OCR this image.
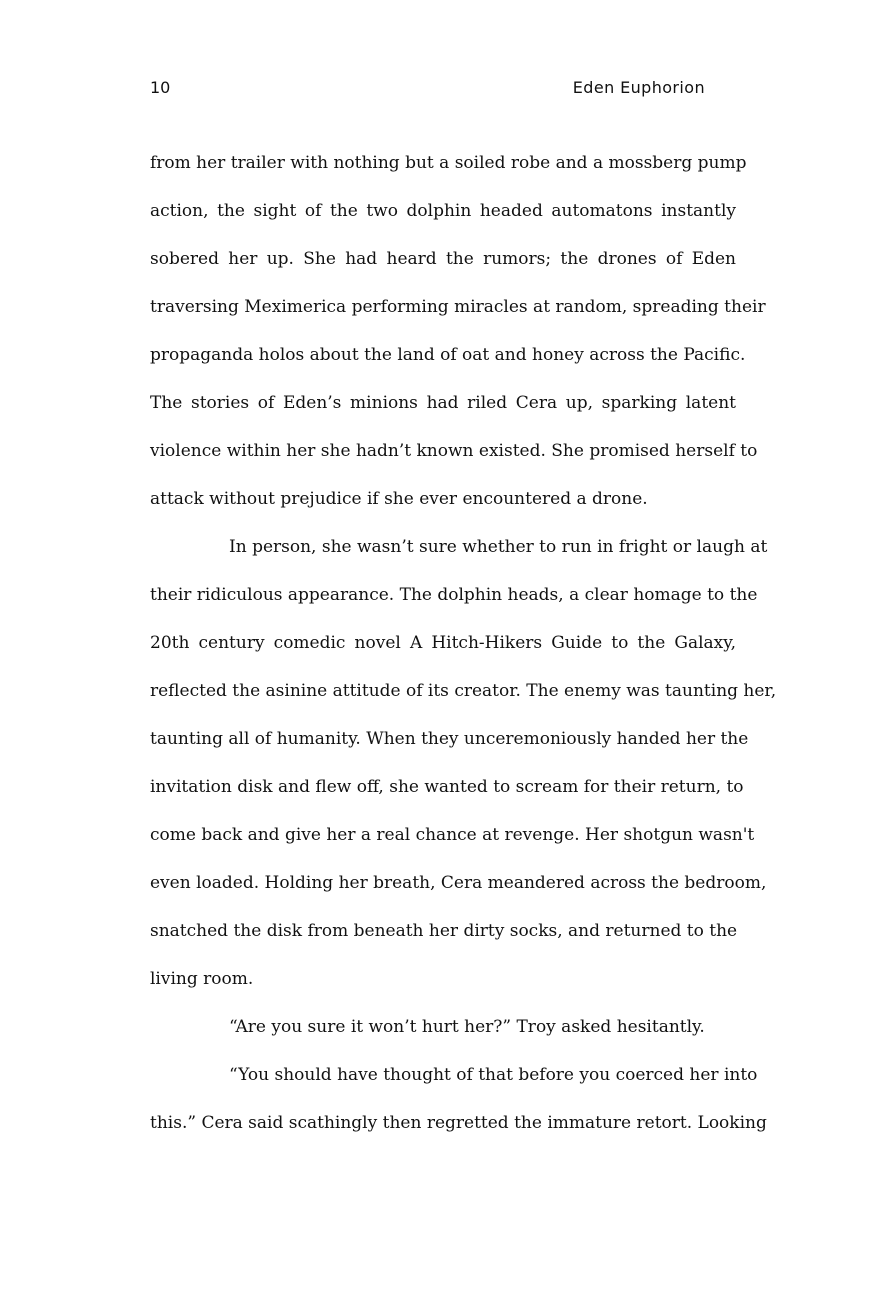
10	Eden Euphorion
from her trailer with nothing but a soiled robe and a mossberg pump
action, the sight of the two dolphin headed automatons instantly
sobered her up. She had heard the rumors; the drones of Eden
traversing Meximerica performing miracles at random, spreading their
propaganda holos about the land of oat and honey across the Pacific.
The stories of Eden’s minions had riled Cera up, sparking latent
violence within her she hadn’t known existed. She promised herself to
attack without prejudice if she ever encountered a drone.
In person, she wasn’t sure whether to run in fright or laugh at
their ridiculous appearance. The dolphin heads, a clear homage to the
20th century comedic novel A Hitch-Hikers Guide to the Galaxy,
reflected the asinine attitude of its creator. The enemy was taunting her,
taunting all of humanity. When they unceremoniously handed her the
invitation disk and flew off, she wanted to scream for their return, to
come back and give her a real chance at revenge. Her shotgun wasn't
even loaded. Holding her breath, Cera meandered across the bedroom,
snatched the disk from beneath her dirty socks, and returned to the
living room.
“Are you sure it won’t hurt her?” Troy asked hesitantly.
“You should have thought of that before you coerced her into
this.” Cera said scathingly then regretted the immature retort. Looking
